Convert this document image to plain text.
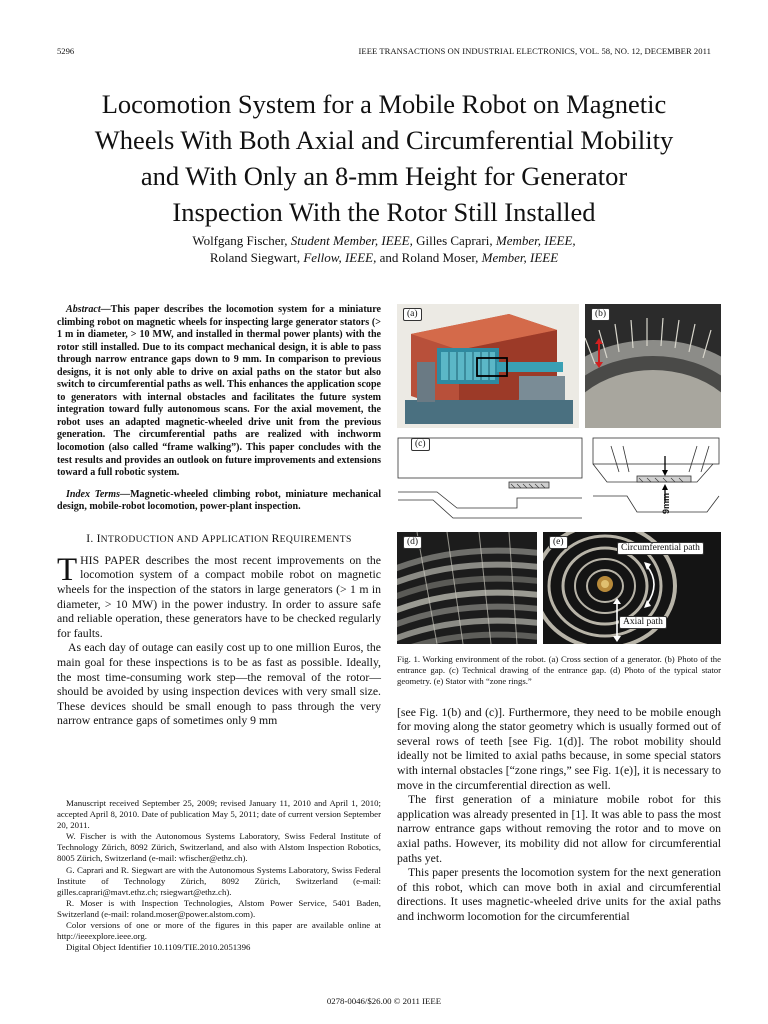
5296	IEEE TRANSACTIONS ON INDUSTRIAL ELECTRONICS, VOL. 58, NO. 12, DECEMBER 2011
Locomotion System for a Mobile Robot on Magnetic
Wheels With Both Axial and Circumferential Mobility
and With Only an 8-mm Height for Generator
Inspection With the Rotor Still Installed
Wolfgang Fischer, Student Member, IEEE, Gilles Caprari, Member, IEEE,
Roland Siegwart, Fellow, IEEE, and Roland Moser, Member, IEEE

Abstract—This paper describes the locomotion system for a miniature climbing robot on magnetic wheels for inspecting large generator stators (> 1 m in diameter, > 10 MW, and installed in thermal power plants) with the rotor still installed. Due to its compact mechanical design, it is able to pass through narrow entrance gaps down to 9 mm. In comparison to previous designs, it is not only able to drive on axial paths on the stator but also switch to circumferential paths as well. This enhances the application scope to generators with internal obstacles and facilitates the future system integration toward fully autonomous scans. For the axial movement, the robot uses an adapted magnetic-wheeled drive unit from the previous generation. The circumferential paths are realized with inchworm locomotion (also called “frame walking”). This paper concludes with the test results and provides an outlook on future improvements and extensions toward a full robotic system.

Index Terms—Magnetic-wheeled climbing robot, miniature mechanical design, mobile-robot locomotion, power-plant inspection.

I. INTRODUCTION AND APPLICATION REQUIREMENTS
THIS PAPER describes the most recent improvements on the locomotion system of a compact mobile robot on magnetic wheels for the inspection of the stators in large generators (> 1 m in diameter, > 10 MW) in the power industry. In order to assure safe and reliable operation, these generators have to be checked regularly for faults.

As each day of outage can easily cost up to one million Euros, the main goal for these inspections is to be as fast as possible. Ideally, the most time-consuming work step—the removal of the rotor—should be avoided by using inspection devices with very small size. These devices should be small enough to pass through the very narrow entrance gaps of sometimes only 9 mm

Manuscript received September 25, 2009; revised January 11, 2010 and April 1, 2010; accepted April 8, 2010. Date of publication May 5, 2011; date of current version September 20, 2011.

W. Fischer is with the Autonomous Systems Laboratory, Swiss Federal Institute of Technology Zürich, 8092 Zürich, Switzerland, and also with Alstom Inspection Robotics, 8005 Zürich, Switzerland (e-mail: wfischer@ethz.ch).

G. Caprari and R. Siegwart are with the Autonomous Systems Laboratory, Swiss Federal Institute of Technology Zürich, 8092 Zürich, Switzerland (e-mail: gilles.caprari@mavt.ethz.ch; rsiegwart@ethz.ch).

R. Moser is with Inspection Technologies, Alstom Power Service, 5401 Baden, Switzerland (e-mail: roland.moser@power.alstom.com).

Color versions of one or more of the figures in this paper are available online at http://ieeexplore.ieee.org.

Digital Object Identifier 10.1109/TIE.2010.2051396

(a)	(b)
(c)
9mm
(d)	(e)
Circumferential path
Axial path

Fig. 1. Working environment of the robot. (a) Cross section of a generator. (b) Photo of the entrance gap. (c) Technical drawing of the entrance gap. (d) Photo of the typical stator geometry. (e) Stator with “zone rings.”

[see Fig. 1(b) and (c)]. Furthermore, they need to be mobile enough for moving along the stator geometry which is usually formed out of several rows of teeth [see Fig. 1(d)]. The robot mobility should ideally not be limited to axial paths because, in some special stators with internal obstacles [“zone rings,” see Fig. 1(e)], it is necessary to move in the circumferential direction as well.

The first generation of a miniature mobile robot for this application was already presented in [1]. It was able to pass the most narrow entrance gaps without removing the rotor and to move on axial paths. However, its mobility did not allow for circumferential paths yet.

This paper presents the locomotion system for the next generation of this robot, which can move both in axial and circumferential directions. It uses magnetic-wheeled drive units for the axial paths and inchworm locomotion for the circumferential

0278-0046/$26.00 © 2011 IEEE
